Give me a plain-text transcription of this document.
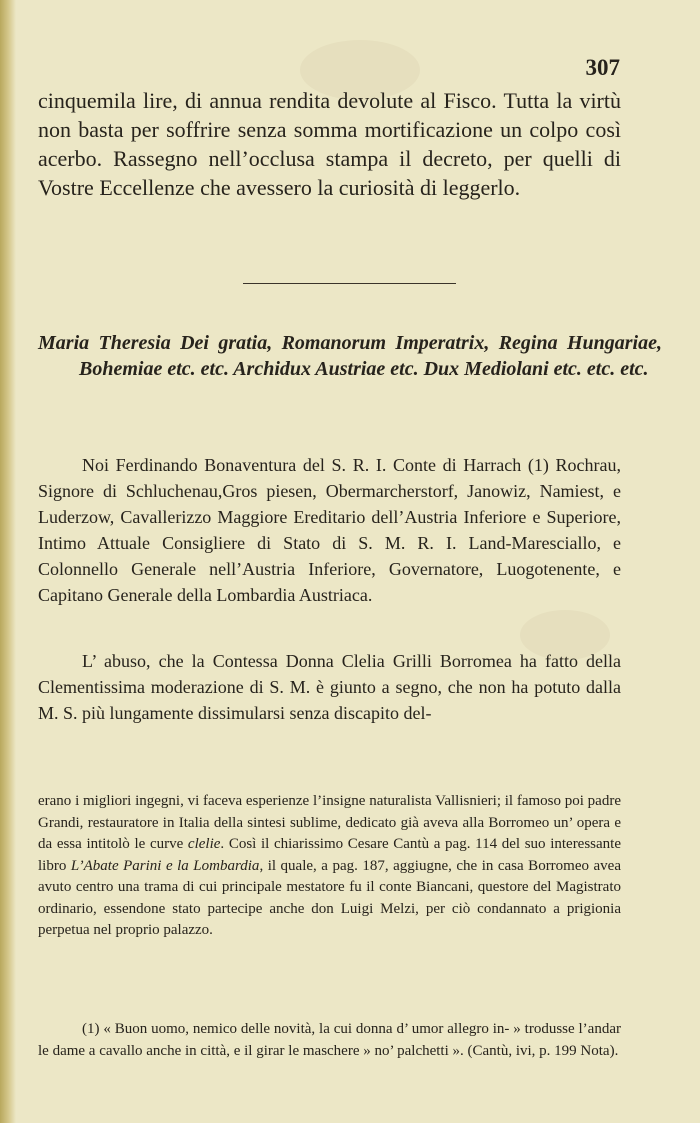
307

cinquemila lire, di annua rendita devolute al Fisco. Tutta la virtù non basta per soffrire senza somma mortificazione un colpo così acerbo. Rassegno nell’occlusa stampa il decreto, per quelli di Vostre Eccellenze che avessero la curiosità di leggerlo.

Maria Theresia Dei gratia, Romanorum Imperatrix, Regina Hungariae, Bohemiae etc. etc. Archidux Austriae etc. Dux Mediolani etc. etc. etc.

Noi Ferdinando Bonaventura del S. R. I. Conte di Harrach (1) Rochrau, Signore di Schluchenau,Gros piesen, Obermarcherstorf, Janowiz, Namiest, e Luderzow, Cavallerizzo Maggiore Ereditario dell’Austria Inferiore e Superiore, Intimo Attuale Consigliere di Stato di S. M. R. I. Land-Maresciallo, e Colonnello Generale nell’Austria Inferiore, Governatore, Luogotenente, e Capitano Generale della Lombardia Austriaca.

L’ abuso, che la Contessa Donna Clelia Grilli Borromea ha fatto della Clementissima moderazione di S. M. è giunto a segno, che non ha potuto dalla M. S. più lungamente dissimularsi senza discapito del-

erano i migliori ingegni, vi faceva esperienze l’insigne naturalista Vallisnieri; il famoso poi padre Grandi, restauratore in Italia della sintesi sublime, dedicato già aveva alla Borromeo un’ opera e da essa intitolò le curve clelie. Così il chiarissimo Cesare Cantù a pag. 114 del suo interessante libro L’Abate Parini e la Lombardia, il quale, a pag. 187, aggiugne, che in casa Borromeo avea avuto centro una trama di cui principale mestatore fu il conte Biancani, questore del Magistrato ordinario, essendone stato partecipe anche don Luigi Melzi, per ciò condannato a prigionia perpetua nel proprio palazzo.

(1) « Buon uomo, nemico delle novità, la cui donna d’ umor allegro in- » trodusse l’andar le dame a cavallo anche in città, e il girar le maschere » no’ palchetti ». (Cantù, ivi, p. 199 Nota).
